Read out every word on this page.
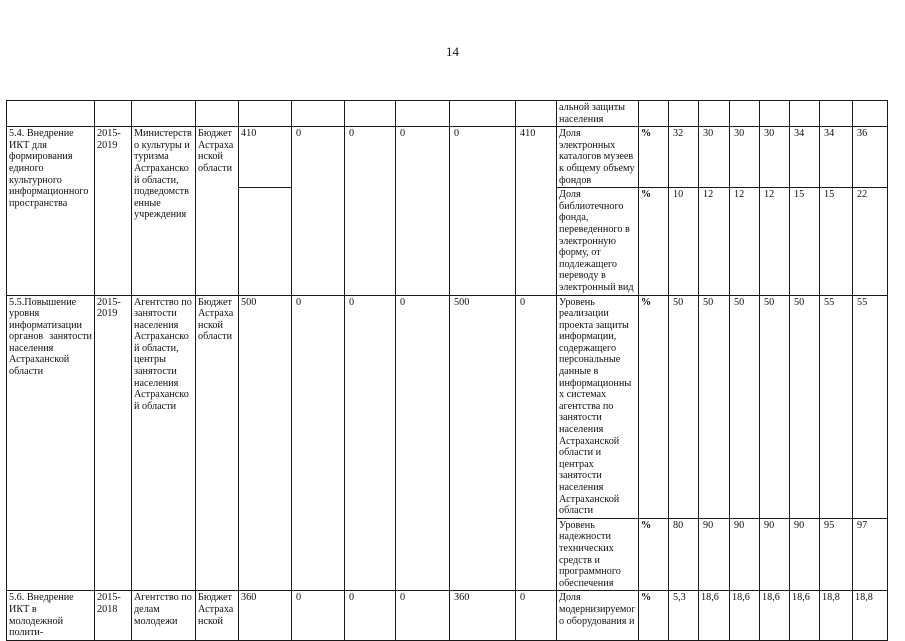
14
										альной защиты населения								
5.4. Внедрение ИКТ для формирования единого культурного информационного пространства	2015-2019	Министерство культуры и туризма Астраханской области, подведомственные учреждения	Бюджет Астраханской области	410	0	0	0	0	410	Доля электронных каталогов музеев к общему объему фондов	%	32	30	30	30	34	34	36
										Доля библиотечного фонда, переведенного в электронную форму, от подлежащего переводу в электронный вид	%	10	12	12	12	15	15	22
5.5.Повышение уровня информатизации органов занятости населения Астраханской области	2015-2019	Агентство по занятости населения Астраханской области, центры занятости населения Астраханской области	Бюджет Астраханской области	500	0	0	0	500	0	Уровень реализации проекта защиты информации, содержащего персональные данные в информационных системах агентства по занятости населения Астраханской области и центрах занятости населения Астраханской области	%	50	50	50	50	50	55	55
										Уровень надежности технических средств и программного обеспечения	%	80	90	90	90	90	95	97
5.6. Внедрение ИКТ в молодежной полити-	2015-2018	Агентство по делам молодежи	Бюджет Астраханской	360	0	0	0	360	0	Доля модернизируемого оборудования и	%	5,3	18,6	18,6	18,6	18,6	18,8	18,8
